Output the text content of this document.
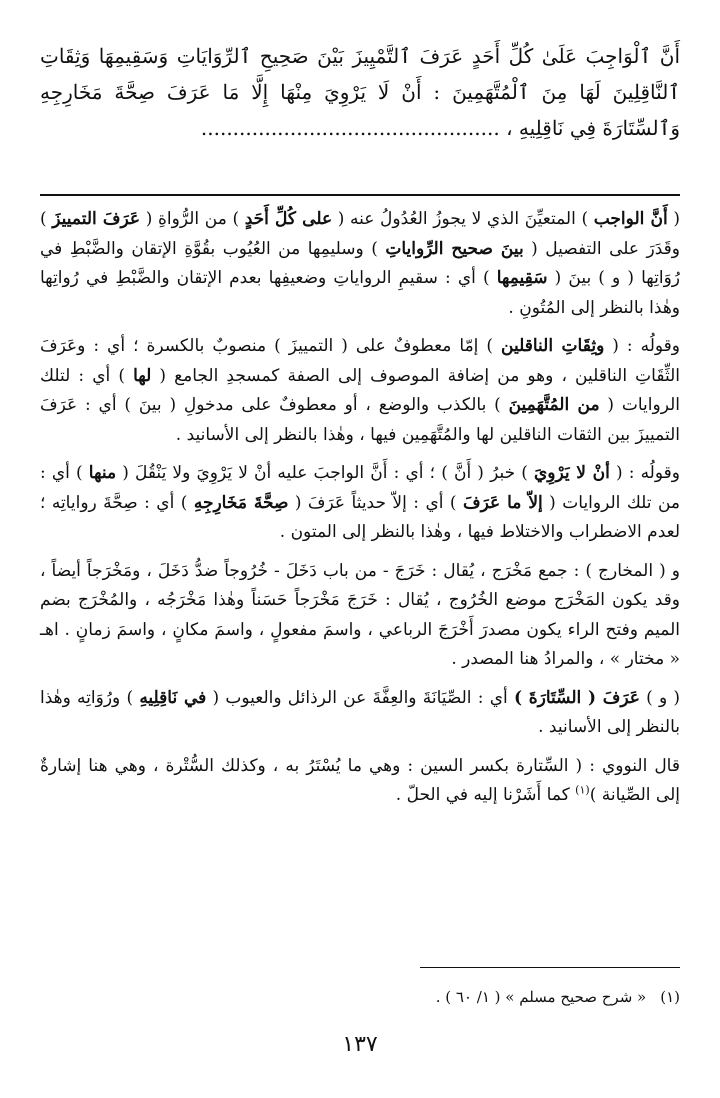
أَنَّ ٱلْوَاجِبَ عَلَىٰ كُلِّ أَحَدٍ عَرَفَ ٱلتَّمْيِيزَ بَيْنَ صَحِيحِ ٱلرِّوَايَاتِ وَسَقِيمِهَا وَثِقَاتِ ٱلنَّاقِلِينَ لَهَا مِنَ ٱلْمُتَّهَمِينَ : أَنْ لَا يَرْوِيَ مِنْهَا إِلَّا مَا عَرَفَ صِحَّةَ مَخَارِجِهِ وَٱلسِّتَارَةَ فِي نَاقِلِيهِ ، ...............................................

( أَنَّ الواجب ) المتعيِّنَ الذي لا يجوزُ العُدُولُ عنه ( على كُلِّ أَحَدٍ ) من الرُّواةِ ( عَرَفَ التمييزَ ) وقَدَرَ على التفصيل ( بينَ صحيح الرِّواياتِ ) وسليمِها من العُيُوب بقُوَّةِ الإتقان والضَّبْطِ في رُوَاتِها ( و ) بينَ ( سَقِيمِها ) أي : سقيمِ الرواياتِ وضعيفِها بعدم الإتقان والضَّبْطِ في رُواتِها وهٰذا بالنظر إلى المُتُونِ .

وقولُه : ( وثِقَاتِ الناقلين ) إمّا معطوفٌ على ( التمييزَ ) منصوبٌ بالكسرة ؛ أي : وعَرَفَ الثِّقَاتِ الناقلين ، وهو من إضافة الموصوف إلى الصفة كمسجدِ الجامع ( لها ) أي : لتلك الروايات ( من المُتَّهَمِينَ ) بالكذب والوضع ، أو معطوفٌ على مدخولِ ( بينَ ) أي : عَرَفَ التمييزَ بين الثقات الناقلين لها والمُتَّهَمِين فيها ، وهٰذا بالنظر إلى الأسانيد .

وقولُه : ( أنْ لا يَرْوِيَ ) خبرُ ( أَنَّ ) ؛ أي : أَنَّ الواجبَ عليه أنْ لا يَرْوِيَ ولا يَنْقُلَ ( منها ) أي : من تلك الروايات ( إلاّ ما عَرَفَ ) أي : إلاّ حديثاً عَرَفَ ( صِحَّةَ مَخَارِجِهِ ) أي : صِحَّةَ رواياتِه ؛ لعدم الاضطراب والاختلاط فيها ، وهٰذا بالنظر إلى المتون .

و ( المخارج ) : جمع مَخْرَج ، يُقال : خَرَجَ - من باب دَخَلَ - خُرُوجاً ضدُّ دَخَلَ ، ومَخْرَجاً أيضاً ، وقد يكون المَخْرَج موضع الخُرُوج ، يُقال : خَرَجَ مَخْرَجاً حَسَناً وهٰذا مَخْرَجُه ، والمُخْرَج بضم الميم وفتح الراء يكون مصدرَ أَخْرَجَ الرباعي ، واسمَ مفعولٍ ، واسمَ مكانٍ ، واسمَ زمانٍ . اهـ « مختار » ، والمرادُ هنا المصدر .

( و ) عَرَفَ ( السِّتَارَةَ ) أي : الصِّيَانَةَ والعِفَّةَ عن الرذائل والعيوب ( في نَاقِلِيهِ ) ورُوَاتِه وهٰذا بالنظر إلى الأسانيد .

قال النووي : ( السِّتارة بكسر السين : وهي ما يُسْتَرُ به ، وكذلك السُّتْرة ، وهي هنا إشارةٌ إلى الصِّيانة )$^{(١)}$ كما أَشَرْنا إليه في الحلّ .

(١)« شرح صحيح مسلم » ( ١/ ٦٠ ) .
١٣٧
